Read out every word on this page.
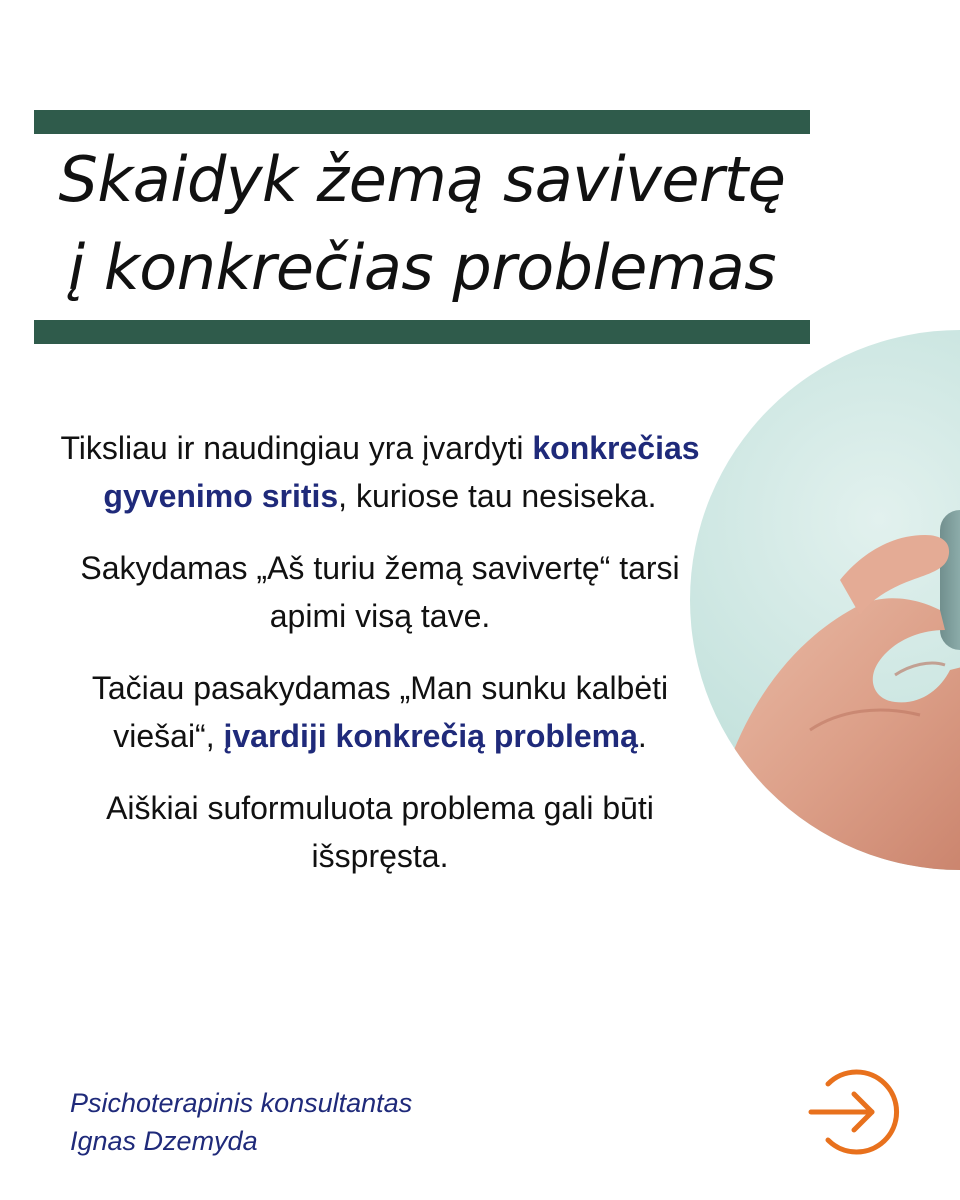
Skaidyk žemą savivertę
į konkrečias problemas

Tiksliau ir naudingiau yra įvardyti konkrečias gyvenimo sritis, kuriose tau nesiseka.

Sakydamas „Aš turiu žemą savivertę“ tarsi apimi visą tave.

Tačiau pasakydamas „Man sunku kalbėti viešai“, įvardiji konkrečią problemą.

Aiškiai suformuluota problema gali būti išspręsta.

Psichoterapinis konsultantas
Ignas Dzemyda
